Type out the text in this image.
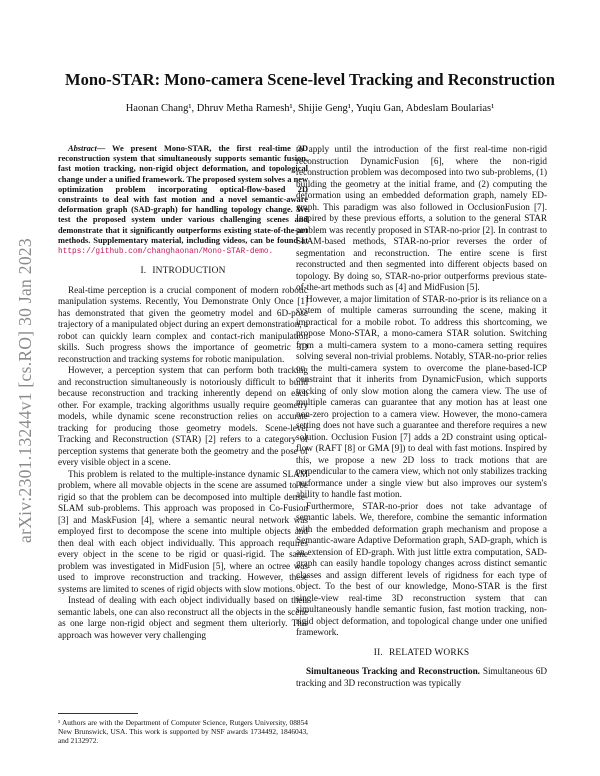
arXiv:2301.13244v1 [cs.RO] 30 Jan 2023
Mono-STAR: Mono-camera Scene-level Tracking and Reconstruction
Haonan Chang¹, Dhruv Metha Ramesh¹, Shijie Geng¹, Yuqiu Gan, Abdeslam Boularias¹

Abstract— We present Mono-STAR, the first real-time 3D reconstruction system that simultaneously supports semantic fusion, fast motion tracking, non-rigid object deformation, and topological change under a unified framework. The proposed system solves a new optimization problem incorporating optical-flow-based 2D constraints to deal with fast motion and a novel semantic-aware deformation graph (SAD-graph) for handling topology change. We test the proposed system under various challenging scenes and demonstrate that it significantly outperforms existing state-of-the-art methods. Supplementary material, including videos, can be found at https://github.com/changhaonan/Mono-STAR-demo.

I. INTRODUCTION

Real-time perception is a crucial component of modern robotic manipulation systems. Recently, You Demonstrate Only Once [1] has demonstrated that given the geometry model and 6D-pose trajectory of a manipulated object during an expert demonstration, a robot can quickly learn complex and contact-rich manipulation skills. Such progress shows the importance of geometric 3D reconstruction and tracking systems for robotic manipulation.

However, a perception system that can perform both tracking and reconstruction simultaneously is notoriously difficult to build because reconstruction and tracking inherently depend on each other. For example, tracking algorithms usually require geometry models, while dynamic scene reconstruction relies on accurate tracking for producing those geometry models. Scene-level Tracking and Reconstruction (STAR) [2] refers to a category of perception systems that generate both the geometry and the pose of every visible object in a scene.

This problem is related to the multiple-instance dynamic SLAM problem, where all movable objects in the scene are assumed to be rigid so that the problem can be decomposed into multiple dense-SLAM sub-problems. This approach was proposed in Co-Fusion [3] and MaskFusion [4], where a semantic neural network was employed first to decompose the scene into multiple objects and then deal with each object individually. This approach requires every object in the scene to be rigid or quasi-rigid. The same problem was investigated in MidFusion [5], where an octree was used to improve reconstruction and tracking. However, these systems are limited to scenes of rigid objects with slow motions.

Instead of dealing with each object individually based on their semantic labels, one can also reconstruct all the objects in the scene as one large non-rigid object and segment them ulteriorly. This approach was however very challenging

¹ Authors are with the Department of Computer Science, Rutgers University, 08854 New Brunswick, USA. This work is supported by NSF awards 1734492, 1846043, and 2132972.

to apply until the introduction of the first real-time non-rigid reconstruction DynamicFusion [6], where the non-rigid reconstruction problem was decomposed into two sub-problems, (1) building the geometry at the initial frame, and (2) computing the deformation using an embedded deformation graph, namely ED-graph. This paradigm was also followed in OcclusionFusion [7]. Inspired by these previous efforts, a solution to the general STAR problem was recently proposed in STAR-no-prior [2]. In contrast to SLAM-based methods, STAR-no-prior reverses the order of segmentation and reconstruction. The entire scene is first reconstructed and then segmented into different objects based on topology. By doing so, STAR-no-prior outperforms previous state-of-the-art methods such as [4] and MidFusion [5].

However, a major limitation of STAR-no-prior is its reliance on a system of multiple cameras surrounding the scene, making it impractical for a mobile robot. To address this shortcoming, we propose Mono-STAR, a mono-camera STAR solution. Switching from a multi-camera system to a mono-camera setting requires solving several non-trivial problems. Notably, STAR-no-prior relies on the multi-camera system to overcome the plane-based-ICP constraint that it inherits from DynamicFusion, which supports tracking of only slow motion along the camera view. The use of multiple cameras can guarantee that any motion has at least one non-zero projection to a camera view. However, the mono-camera setting does not have such a guarantee and therefore requires a new solution. Occlusion Fusion [7] adds a 2D constraint using optical-flow (RAFT [8] or GMA [9]) to deal with fast motions. Inspired by this, we propose a new 2D loss to track motions that are perpendicular to the camera view, which not only stabilizes tracking performance under a single view but also improves our system's ability to handle fast motion.

Furthermore, STAR-no-prior does not take advantage of semantic labels. We, therefore, combine the semantic information with the embedded deformation graph mechanism and propose a Semantic-aware Adaptive Deformation graph, SAD-graph, which is an extension of ED-graph. With just little extra computation, SAD-graph can easily handle topology changes across distinct semantic classes and assign different levels of rigidness for each type of object. To the best of our knowledge, Mono-STAR is the first single-view real-time 3D reconstruction system that can simultaneously handle semantic fusion, fast motion tracking, non-rigid object deformation, and topological change under one unified framework.

II. RELATED WORKS

Simultaneous Tracking and Reconstruction. Simultaneous 6D tracking and 3D reconstruction was typically
